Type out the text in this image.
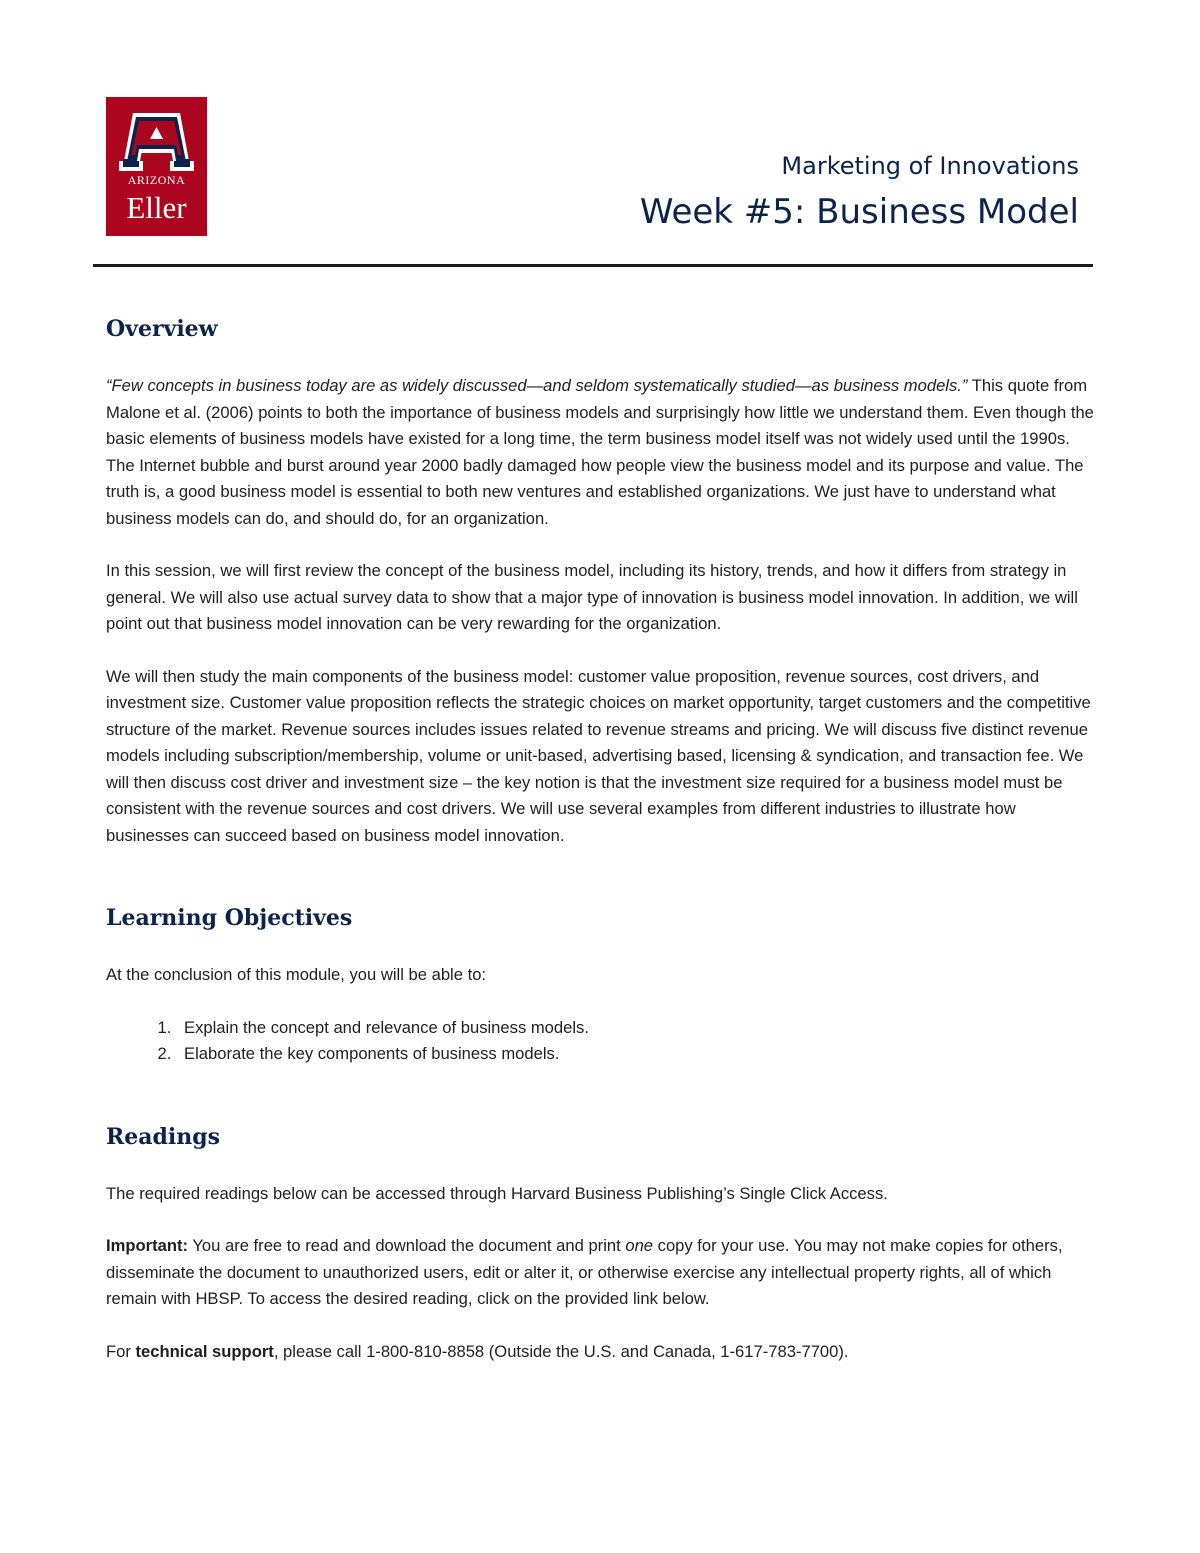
ARIZONA
Eller
Marketing of Innovations
Week #5: Business Model
Overview

“Few concepts in business today are as widely discussed—and seldom systematically studied—as business models.” This quote from Malone et al. (2006) points to both the importance of business models and surprisingly how little we understand them. Even though the basic elements of business models have existed for a long time, the term business model itself was not widely used until the 1990s. The Internet bubble and burst around year 2000 badly damaged how people view the business model and its purpose and value. The truth is, a good business model is essential to both new ventures and established organizations. We just have to understand what business models can do, and should do, for an organization.

In this session, we will first review the concept of the business model, including its history, trends, and how it differs from strategy in general. We will also use actual survey data to show that a major type of innovation is business model innovation. In addition, we will point out that business model innovation can be very rewarding for the organization.

We will then study the main components of the business model: customer value proposition, revenue sources, cost drivers, and investment size. Customer value proposition reflects the strategic choices on market opportunity, target customers and the competitive structure of the market. Revenue sources includes issues related to revenue streams and pricing. We will discuss five distinct revenue models including subscription/membership, volume or unit-based, advertising based, licensing & syndication, and transaction fee. We will then discuss cost driver and investment size – the key notion is that the investment size required for a business model must be consistent with the revenue sources and cost drivers. We will use several examples from different industries to illustrate how businesses can succeed based on business model innovation.

Learning Objectives

At the conclusion of this module, you will be able to:

1. Explain the concept and relevance of business models.
2. Elaborate the key components of business models.
Readings

The required readings below can be accessed through Harvard Business Publishing’s Single Click Access.

Important: You are free to read and download the document and print one copy for your use. You may not make copies for others, disseminate the document to unauthorized users, edit or alter it, or otherwise exercise any intellectual property rights, all of which remain with HBSP. To access the desired reading, click on the provided link below.

For technical support, please call 1-800-810-8858 (Outside the U.S. and Canada, 1-617-783-7700).
